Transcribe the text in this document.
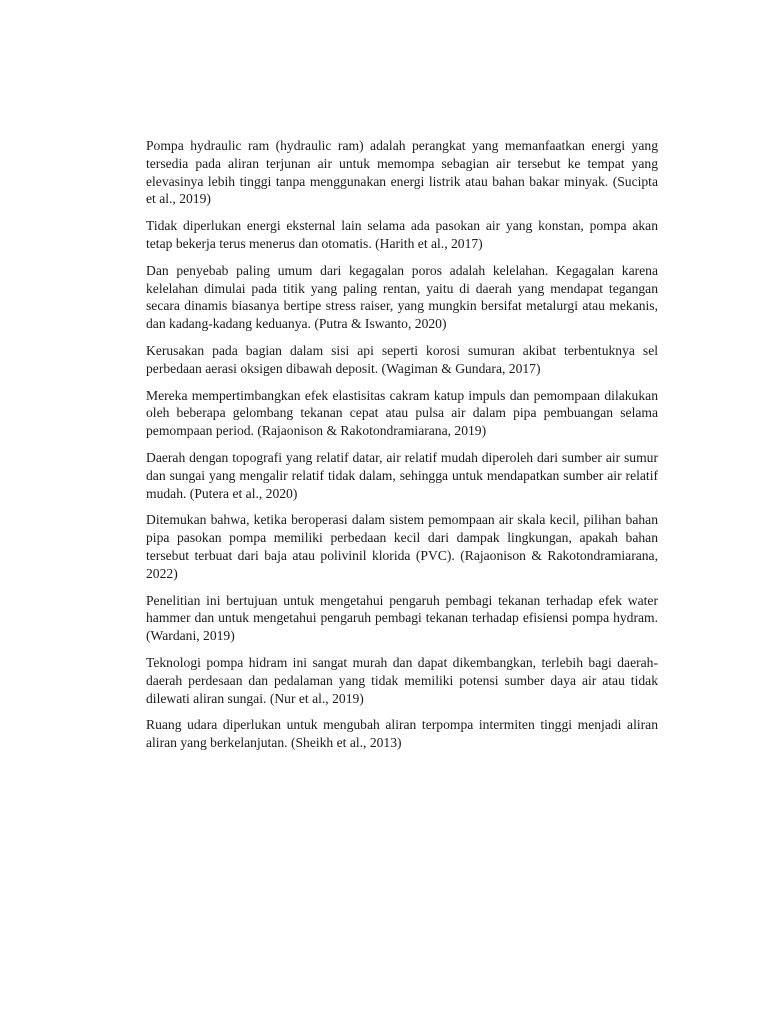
Pompa hydraulic ram (hydraulic ram) adalah perangkat yang memanfaatkan energi yang tersedia pada aliran terjunan air untuk memompa sebagian air tersebut ke tempat yang elevasinya lebih tinggi tanpa menggunakan energi listrik atau bahan bakar minyak. (Sucipta et al., 2019)

Tidak diperlukan energi eksternal lain selama ada pasokan air yang konstan, pompa akan tetap bekerja terus menerus dan otomatis. (Harith et al., 2017)

Dan penyebab paling umum dari kegagalan poros adalah kelelahan. Kegagalan karena kelelahan dimulai pada titik yang paling rentan, yaitu di daerah yang mendapat tegangan secara dinamis biasanya bertipe stress raiser, yang mungkin bersifat metalurgi atau mekanis, dan kadang-kadang keduanya. (Putra & Iswanto, 2020)

Kerusakan pada bagian dalam sisi api seperti korosi sumuran akibat terbentuknya sel perbedaan aerasi oksigen dibawah deposit. (Wagiman & Gundara, 2017)

Mereka mempertimbangkan efek elastisitas cakram katup impuls dan pemompaan dilakukan oleh beberapa gelombang tekanan cepat atau pulsa air dalam pipa pembuangan selama pemompaan period. (Rajaonison & Rakotondramiarana, 2019)

Daerah dengan topografi yang relatif datar, air relatif mudah diperoleh dari sumber air sumur dan sungai yang mengalir relatif tidak dalam, sehingga untuk mendapatkan sumber air relatif mudah. (Putera et al., 2020)

Ditemukan bahwa, ketika beroperasi dalam sistem pemompaan air skala kecil, pilihan bahan pipa pasokan pompa memiliki perbedaan kecil dari dampak lingkungan, apakah bahan tersebut terbuat dari baja atau polivinil klorida (PVC). (Rajaonison & Rakotondramiarana, 2022)

Penelitian ini bertujuan untuk mengetahui pengaruh pembagi tekanan terhadap efek water hammer dan untuk mengetahui pengaruh pembagi tekanan terhadap efisiensi pompa hydram. (Wardani, 2019)

Teknologi pompa hidram ini sangat murah dan dapat dikembangkan, terlebih bagi daerah-daerah perdesaan dan pedalaman yang tidak memiliki potensi sumber daya air atau tidak dilewati aliran sungai. (Nur et al., 2019)

Ruang udara diperlukan untuk mengubah aliran terpompa intermiten tinggi menjadi aliran aliran yang berkelanjutan. (Sheikh et al., 2013)
